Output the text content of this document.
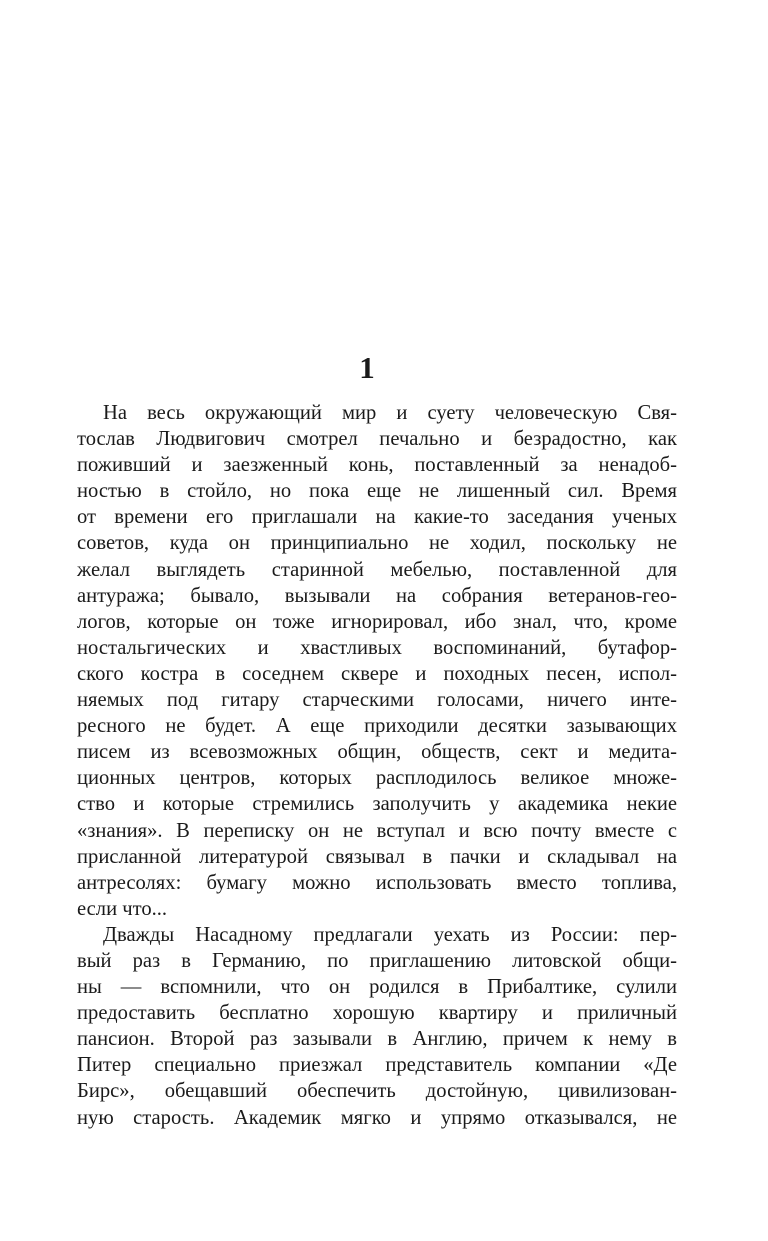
1
На весь окружающий мир и суету человеческую Свя-
тослав Людвигович смотрел печально и безрадостно, как
поживший и заезженный конь, поставленный за ненадоб-
ностью в стойло, но пока еще не лишенный сил. Время
от времени его приглашали на какие-то заседания ученых
советов, куда он принципиально не ходил, поскольку не
желал выглядеть старинной мебелью, поставленной для
антуража; бывало, вызывали на собрания ветеранов-гео-
логов, которые он тоже игнорировал, ибо знал, что, кроме
ностальгических и хвастливых воспоминаний, бутафор-
ского костра в соседнем сквере и походных песен, испол-
няемых под гитару старческими голосами, ничего инте-
ресного не будет. А еще приходили десятки зазывающих
писем из всевозможных общин, обществ, сект и медита-
ционных центров, которых расплодилось великое множе-
ство и которые стремились заполучить у академика некие
«знания». В переписку он не вступал и всю почту вместе с
присланной литературой связывал в пачки и складывал на
антресолях: бумагу можно использовать вместо топлива,
если что...
Дважды Насадному предлагали уехать из России: пер-
вый раз в Германию, по приглашению литовской общи-
ны — вспомнили, что он родился в Прибалтике, сулили
предоставить бесплатно хорошую квартиру и приличный
пансион. Второй раз зазывали в Англию, причем к нему в
Питер специально приезжал представитель компании «Де
Бирс», обещавший обеспечить достойную, цивилизован-
ную старость. Академик мягко и упрямо отказывался, не
